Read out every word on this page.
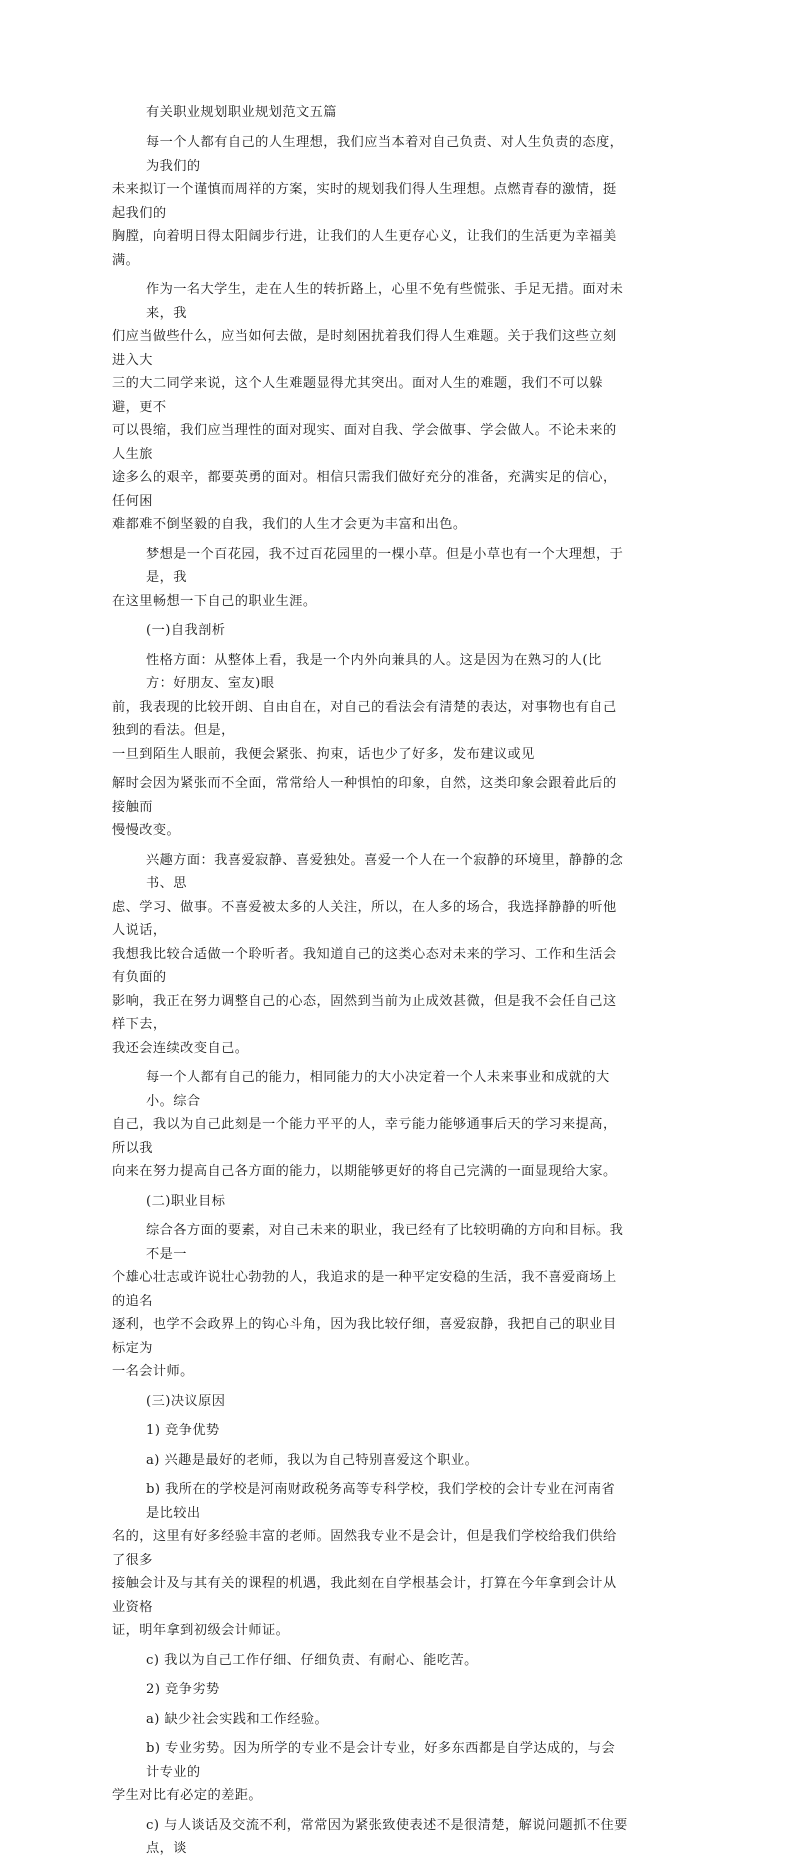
有关职业规划职业规划范文五篇
每一个人都有自己的人生理想，我们应当本着对自己负责、对人生负责的态度，为我们的
未来拟订一个谨慎而周祥的方案，实时的规划我们得人生理想。点燃青春的激情，挺起我们的
胸膛，向着明日得太阳阔步行进，让我们的人生更存心义，让我们的生活更为幸福美满。
作为一名大学生，走在人生的转折路上，心里不免有些慌张、手足无措。面对未来，我
们应当做些什么，应当如何去做，是时刻困扰着我们得人生难题。关于我们这些立刻进入大
三的大二同学来说，这个人生难题显得尤其突出。面对人生的难题，我们不可以躲避，更不
可以畏缩，我们应当理性的面对现实、面对自我、学会做事、学会做人。不论未来的人生旅
途多么的艰辛，都要英勇的面对。相信只需我们做好充分的准备，充满实足的信心，任何困
难都难不倒坚毅的自我，我们的人生才会更为丰富和出色。
梦想是一个百花园，我不过百花园里的一棵小草。但是小草也有一个大理想，于是，我
在这里畅想一下自己的职业生涯。

(一)自我剖析

性格方面：从整体上看，我是一个内外向兼具的人。这是因为在熟习的人(比方：好朋友、室友)眼
前，我表现的比较开朗、自由自在，对自己的看法会有清楚的表达，对事物也有自己独到的看法。但是，
一旦到陌生人眼前，我便会紧张、拘束，话也少了好多，发布建议或见
解时会因为紧张而不全面，常常给人一种惧怕的印象，自然，这类印象会跟着此后的接触而
慢慢改变。
兴趣方面：我喜爱寂静、喜爱独处。喜爱一个人在一个寂静的环境里，静静的念书、思
虑、学习、做事。不喜爱被太多的人关注，所以，在人多的场合，我选择静静的听他人说话，
我想我比较合适做一个聆听者。我知道自己的这类心态对未来的学习、工作和生活会有负面的
影响，我正在努力调整自己的心态，固然到当前为止成效甚微，但是我不会任自己这样下去，
我还会连续改变自己。
每一个人都有自己的能力，相同能力的大小决定着一个人未来事业和成就的大小。综合
自己，我以为自己此刻是一个能力平平的人，幸亏能力能够通事后天的学习来提高，所以我
向来在努力提高自己各方面的能力，以期能够更好的将自己完满的一面显现给大家。

(二)职业目标

综合各方面的要素，对自己未来的职业，我已经有了比较明确的方向和目标。我不是一
个雄心壮志或许说壮心勃勃的人，我追求的是一种平定安稳的生活，我不喜爱商场上的追名
逐利，也学不会政界上的钩心斗角，因为我比较仔细，喜爱寂静，我把自己的职业目标定为
一名会计师。

(三)决议原因

1) 竞争优势

a) 兴趣是最好的老师，我以为自己特别喜爱这个职业。

b) 我所在的学校是河南财政税务高等专科学校，我们学校的会计专业在河南省是比较出
名的，这里有好多经验丰富的老师。固然我专业不是会计，但是我们学校给我们供给了很多
接触会计及与其有关的课程的机遇，我此刻在自学根基会计，打算在今年拿到会计从业资格
证，明年拿到初级会计师证。

c) 我以为自己工作仔细、仔细负责、有耐心、能吃苦。

2) 竞争劣势

a) 缺少社会实践和工作经验。

b) 专业劣势。因为所学的专业不是会计专业，好多东西都是自学达成的，与会计专业的
学生对比有必定的差距。
c) 与人谈话及交流不利，常常因为紧张致使表述不是很清楚，解说问题抓不住要点，谈
